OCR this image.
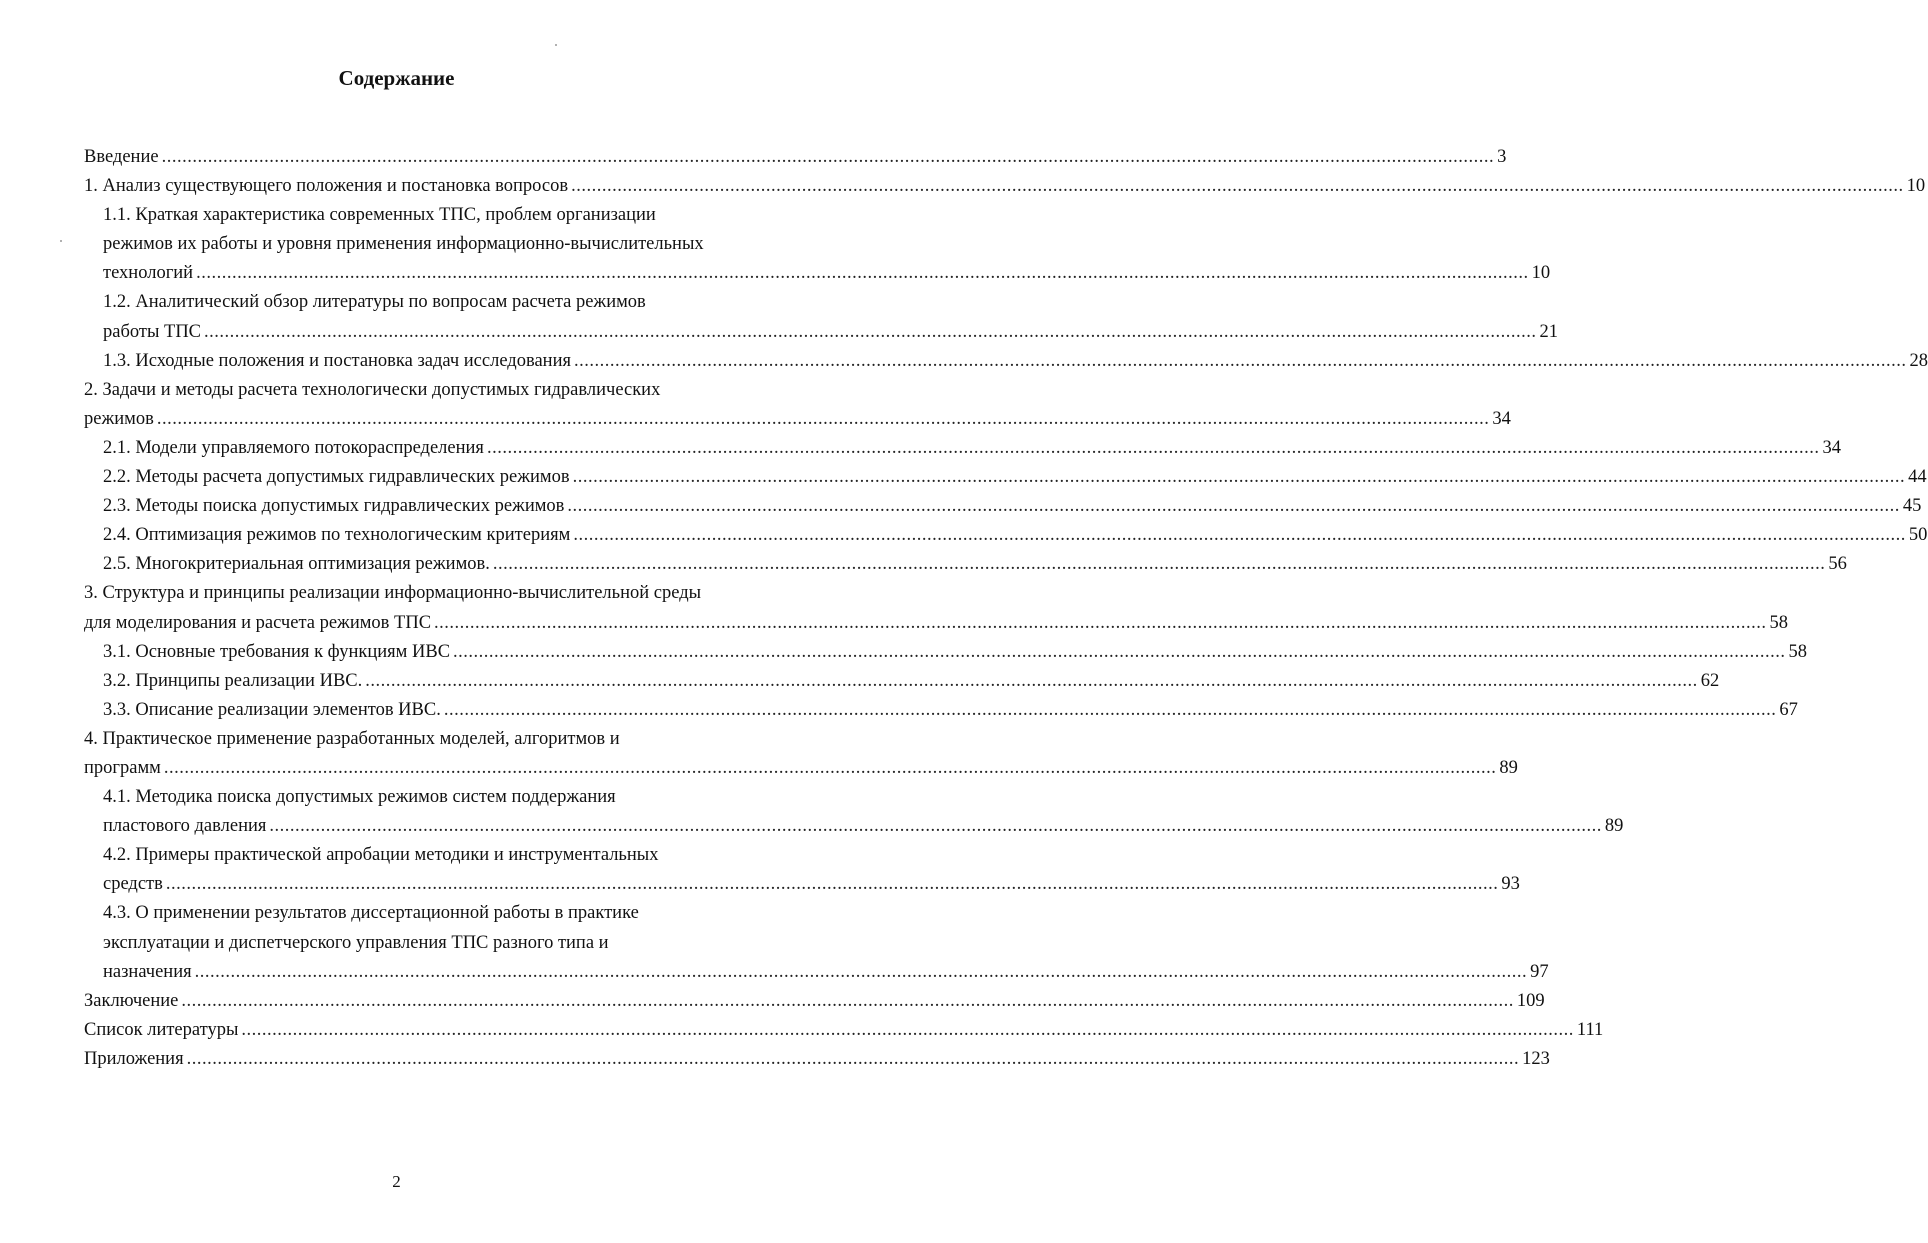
Содержание
Введение .................................................................................................................................................................................................................................................................... 3
1. Анализ существующего положения и постановка вопросов .................................................................................................................................................................................................................................................................... 10
1.1. Краткая характеристика современных ТПС, проблем организации
режимов их работы и уровня применения информационно-вычислительных
технологий .................................................................................................................................................................................................................................................................... 10
1.2. Аналитический обзор литературы по вопросам расчета режимов
работы ТПС .................................................................................................................................................................................................................................................................... 21
1.3. Исходные положения и постановка задач исследования .................................................................................................................................................................................................................................................................... 28
2. Задачи и методы расчета технологически допустимых гидравлических
режимов .................................................................................................................................................................................................................................................................... 34
2.1. Модели управляемого потокораспределения .................................................................................................................................................................................................................................................................... 34
2.2. Методы расчета допустимых гидравлических режимов .................................................................................................................................................................................................................................................................... 44
2.3. Методы поиска допустимых гидравлических режимов .................................................................................................................................................................................................................................................................... 45
2.4. Оптимизация режимов по технологическим критериям .................................................................................................................................................................................................................................................................... 50
2.5. Многокритериальная оптимизация режимов. .................................................................................................................................................................................................................................................................... 56
3. Структура и принципы реализации информационно-вычислительной среды
для моделирования и расчета режимов ТПС .................................................................................................................................................................................................................................................................... 58
3.1. Основные требования к функциям ИВС .................................................................................................................................................................................................................................................................... 58
3.2. Принципы реализации ИВС. .................................................................................................................................................................................................................................................................... 62
3.3. Описание реализации элементов ИВС. .................................................................................................................................................................................................................................................................... 67
4. Практическое применение разработанных моделей, алгоритмов и
программ .................................................................................................................................................................................................................................................................... 89
4.1. Методика поиска допустимых режимов систем поддержания
пластового давления .................................................................................................................................................................................................................................................................... 89
4.2. Примеры практической апробации методики и инструментальных
средств .................................................................................................................................................................................................................................................................... 93
4.3. О применении результатов диссертационной работы в практике
эксплуатации и диспетчерского управления ТПС разного типа и
назначения .................................................................................................................................................................................................................................................................... 97
Заключение .................................................................................................................................................................................................................................................................... 109
Список литературы .................................................................................................................................................................................................................................................................... 111
Приложения .................................................................................................................................................................................................................................................................... 123
2
